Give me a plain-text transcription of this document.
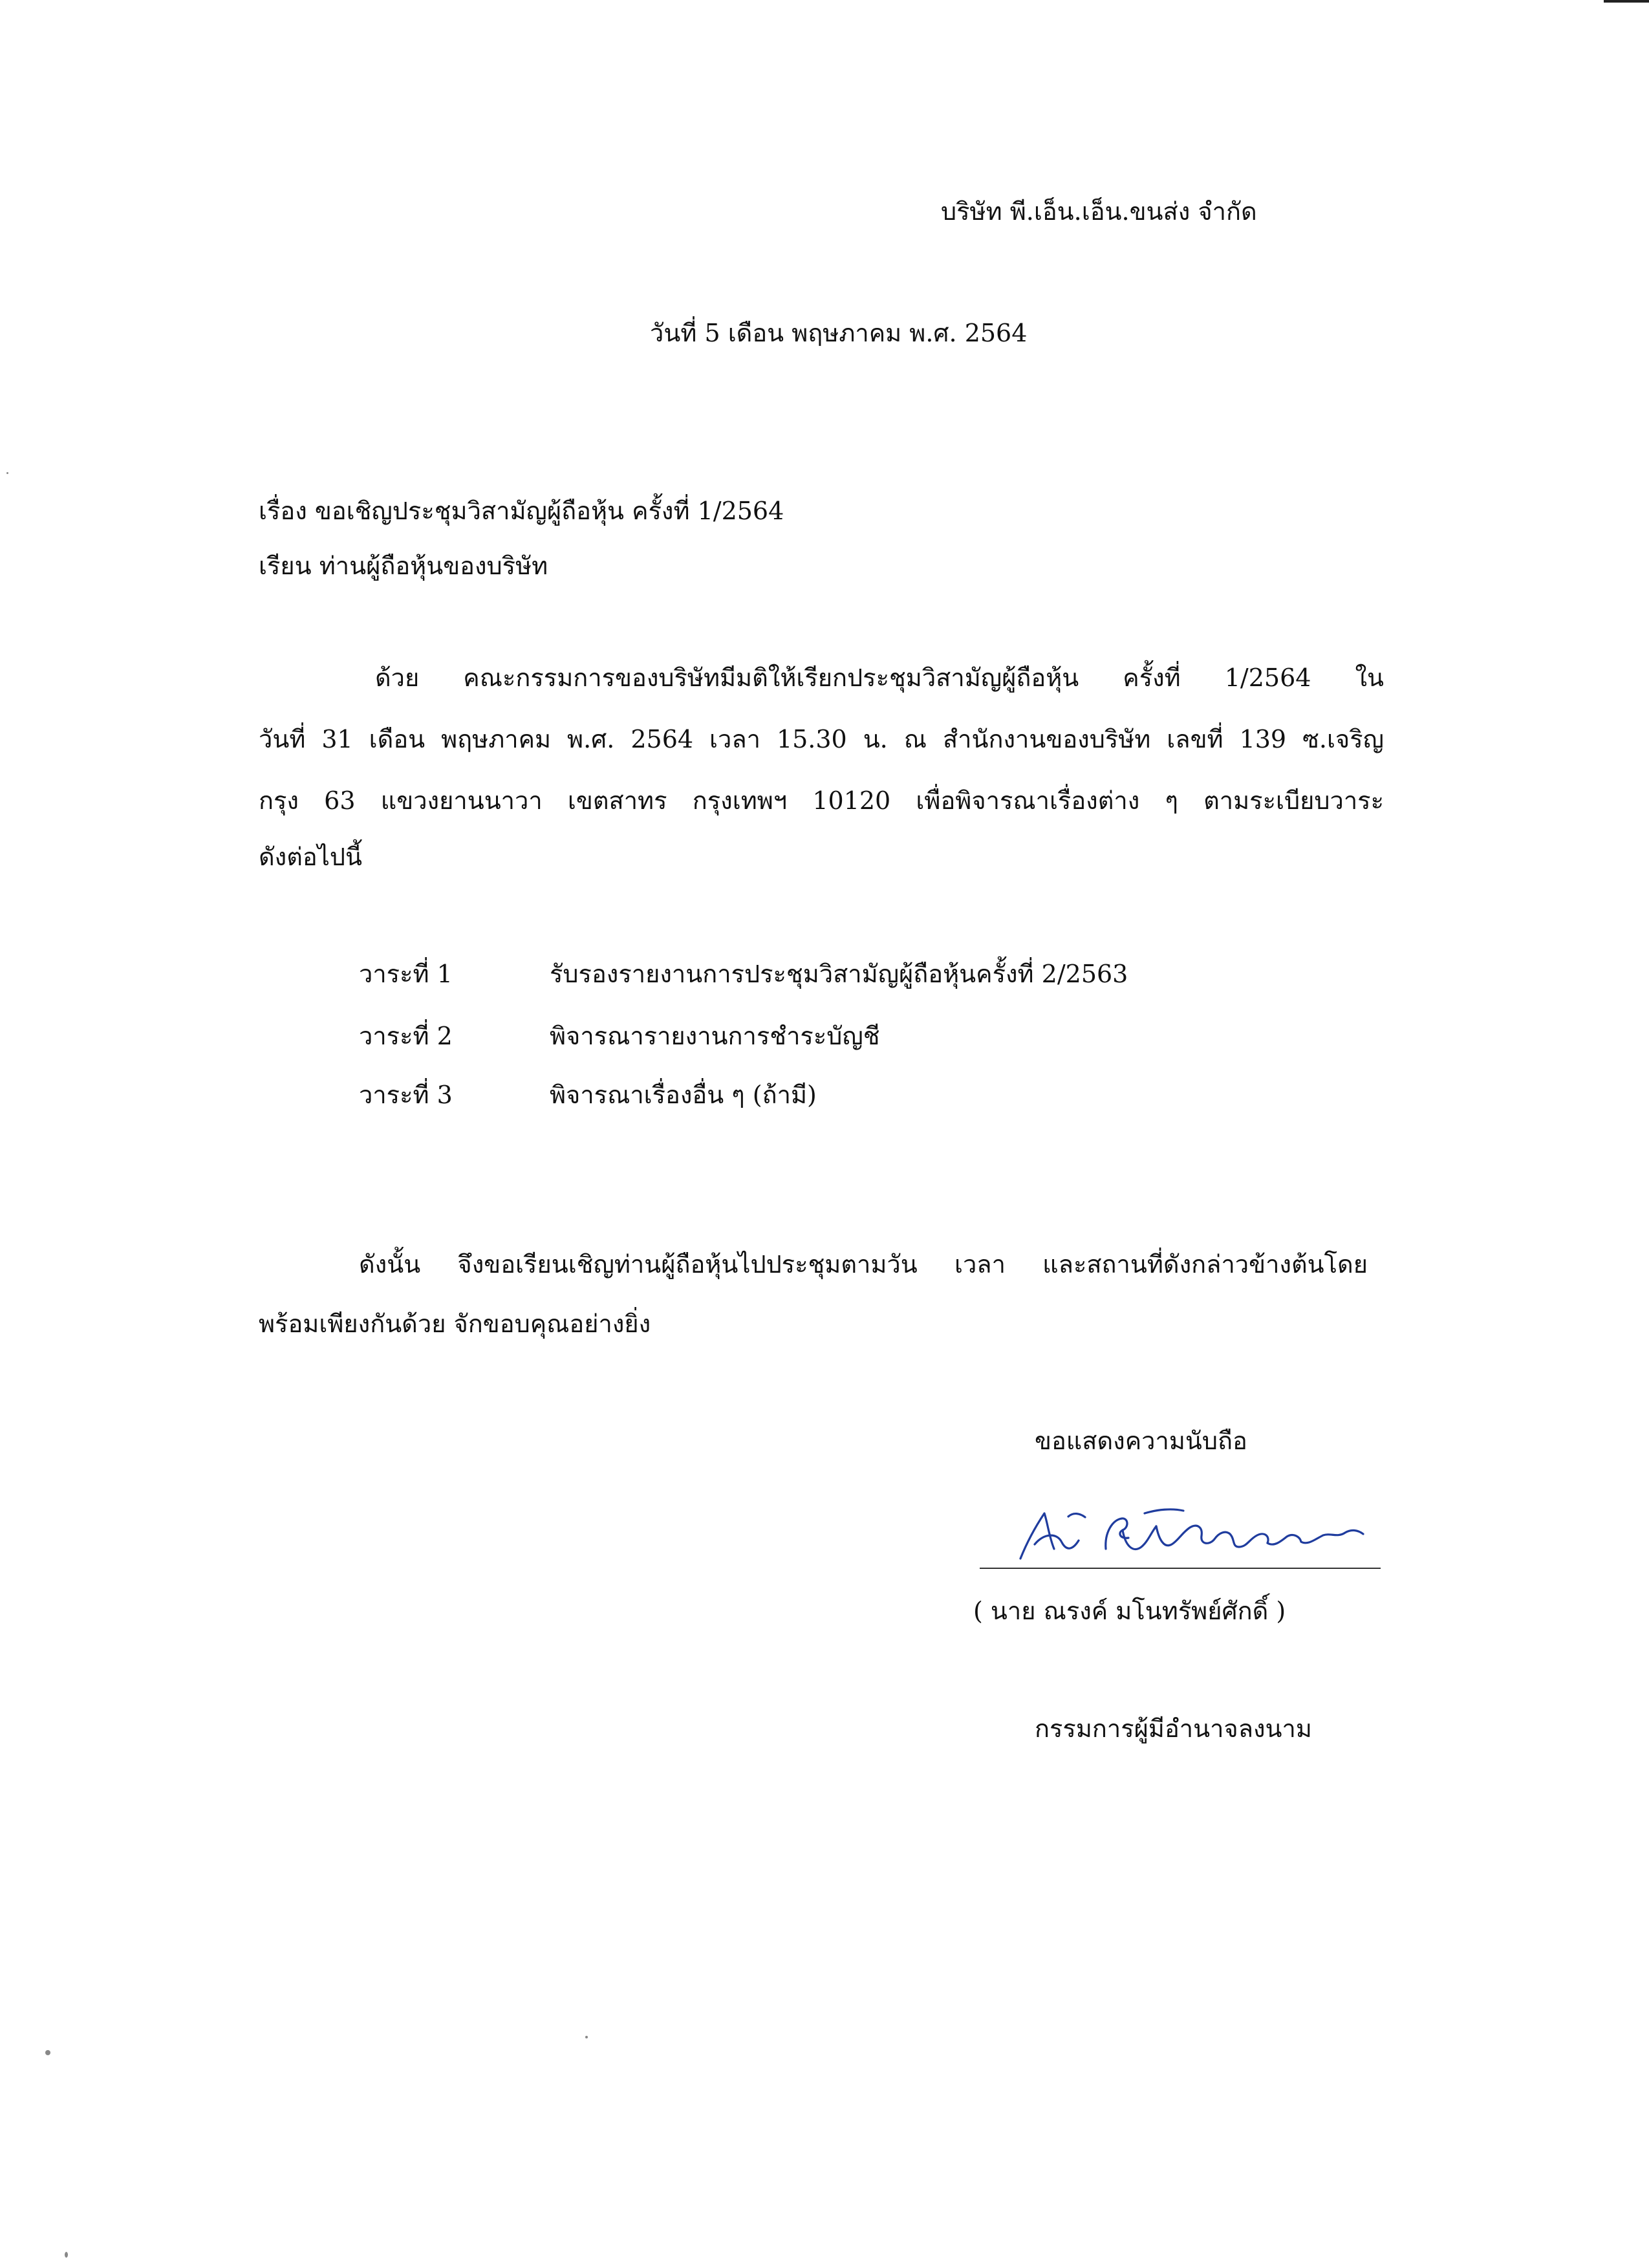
บริษัท พี.เอ็น.เอ็น.ขนส่ง จำกัด
วันที่ 5 เดือน พฤษภาคม พ.ศ. 2564
เรื่อง ขอเชิญประชุมวิสามัญผู้ถือหุ้น ครั้งที่ 1/2564
เรียน ท่านผู้ถือหุ้นของบริษัท
ด้วย คณะกรรมการของบริษัทมีมติให้เรียกประชุมวิสามัญผู้ถือหุ้น ครั้งที่ 1/2564 ใน
วันที่ 31 เดือน พฤษภาคม พ.ศ. 2564 เวลา 15.30 น. ณ สำนักงานของบริษัท เลขที่ 139 ซ.เจริญ
กรุง 63 แขวงยานนาวา เขตสาทร กรุงเทพฯ 10120 เพื่อพิจารณาเรื่องต่าง ๆ ตามระเบียบวาระ
ดังต่อไปนี้
วาระที่ 1	รับรองรายงานการประชุมวิสามัญผู้ถือหุ้นครั้งที่ 2/2563
วาระที่ 2	พิจารณารายงานการชำระบัญชี
วาระที่ 3	พิจารณาเรื่องอื่น ๆ (ถ้ามี)
ดังนั้น จึงขอเรียนเชิญท่านผู้ถือหุ้นไปประชุมตามวัน เวลา และสถานที่ดังกล่าวข้างต้นโดย
พร้อมเพียงกันด้วย จักขอบคุณอย่างยิ่ง
ขอแสดงความนับถือ
( นาย ณรงค์ มโนทรัพย์ศักดิ์ )
กรรมการผู้มีอำนาจลงนาม
